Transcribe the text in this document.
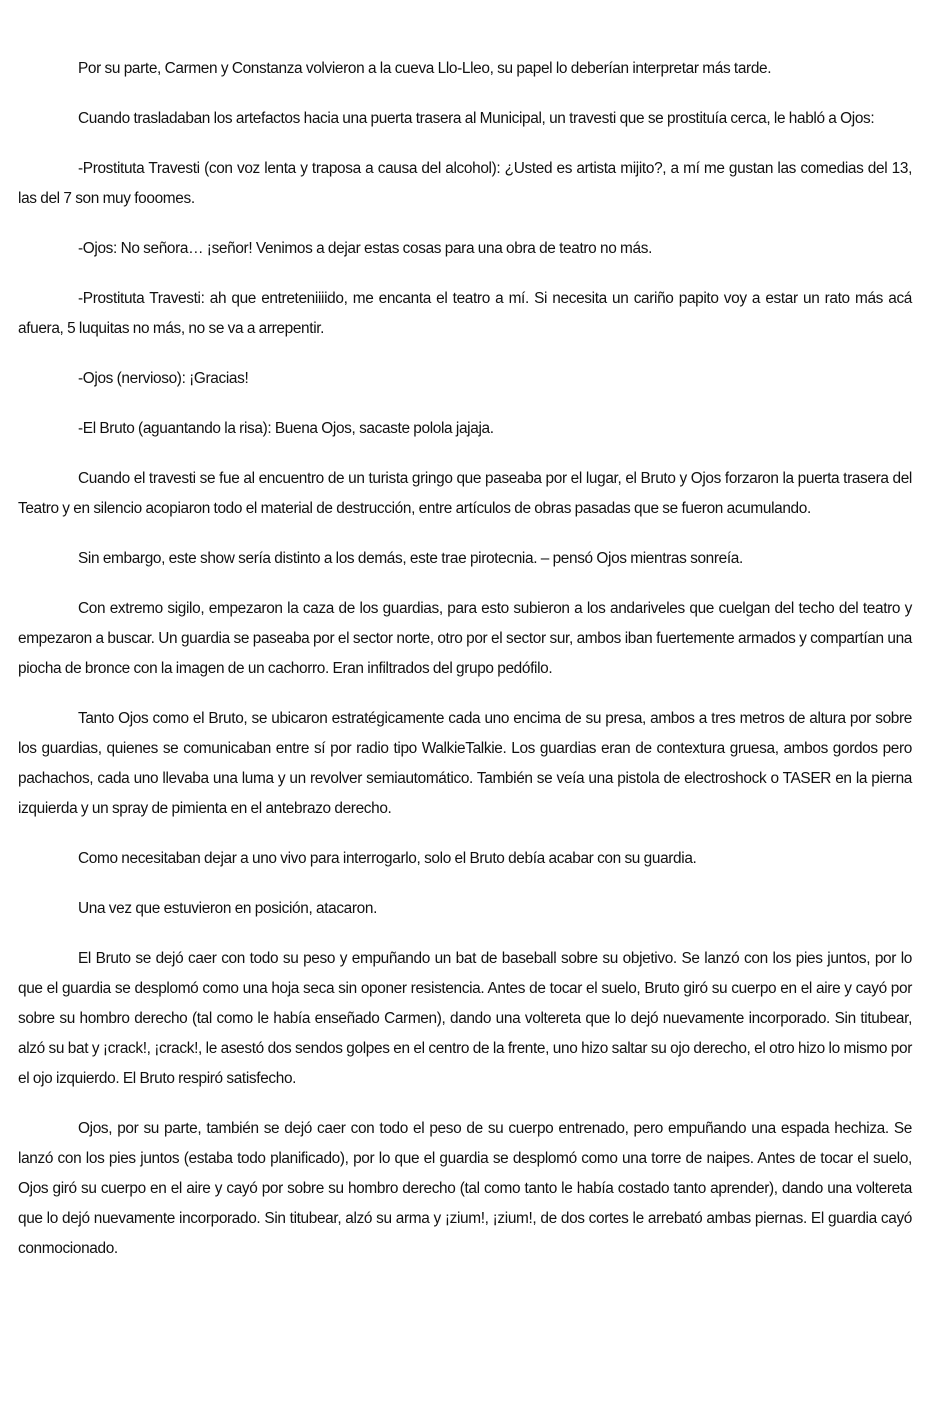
Por su parte, Carmen y Constanza volvieron a la cueva Llo-Lleo, su papel lo deberían interpretar más tarde.

Cuando trasladaban los artefactos hacia una puerta trasera al Municipal, un travesti que se prostituía cerca, le habló a Ojos:

-Prostituta Travesti (con voz lenta y traposa a causa del alcohol): ¿Usted es artista mijito?, a mí me gustan las comedias del 13, las del 7 son muy fooomes.

-Ojos: No señora… ¡señor! Venimos a dejar estas cosas para una obra de teatro no más.

-Prostituta Travesti: ah que entreteniiiido, me encanta el teatro a mí. Si necesita un cariño papito voy a estar un rato más acá afuera, 5 luquitas no más, no se va a arrepentir.

-Ojos (nervioso): ¡Gracias!

-El Bruto (aguantando la risa): Buena Ojos, sacaste polola jajaja.

Cuando el travesti se fue al encuentro de un turista gringo que paseaba por el lugar, el Bruto y Ojos forzaron la puerta trasera del Teatro y en silencio acopiaron todo el material de destrucción, entre artículos de obras pasadas que se fueron acumulando.

Sin embargo, este show sería distinto a los demás, este trae pirotecnia. – pensó Ojos mientras sonreía.

Con extremo sigilo, empezaron la caza de los guardias, para esto subieron a los andariveles que cuelgan del techo del teatro y empezaron a buscar. Un guardia se paseaba por el sector norte, otro por el sector sur, ambos iban fuertemente armados y compartían una piocha de bronce con la imagen de un cachorro. Eran infiltrados del grupo pedófilo.

Tanto Ojos como el Bruto, se ubicaron estratégicamente cada uno encima de su presa, ambos a tres metros de altura por sobre los guardias, quienes se comunicaban entre sí por radio tipo WalkieTalkie. Los guardias eran de contextura gruesa, ambos gordos pero pachachos, cada uno llevaba una luma y un revolver semiautomático. También se veía una pistola de electroshock o TASER en la pierna izquierda y un spray de pimienta en el antebrazo derecho.

Como necesitaban dejar a uno vivo para interrogarlo, solo el Bruto debía acabar con su guardia.

Una vez que estuvieron en posición, atacaron.

El Bruto se dejó caer con todo su peso y empuñando un bat de baseball sobre su objetivo. Se lanzó con los pies juntos, por lo que el guardia se desplomó como una hoja seca sin oponer resistencia. Antes de tocar el suelo, Bruto giró su cuerpo en el aire y cayó por sobre su hombro derecho (tal como le había enseñado Carmen), dando una voltereta que lo dejó nuevamente incorporado. Sin titubear, alzó su bat y ¡crack!, ¡crack!, le asestó dos sendos golpes en el centro de la frente, uno hizo saltar su ojo derecho, el otro hizo lo mismo por el ojo izquierdo. El Bruto respiró satisfecho.

Ojos, por su parte, también se dejó caer con todo el peso de su cuerpo entrenado, pero empuñando una espada hechiza. Se lanzó con los pies juntos (estaba todo planificado), por lo que el guardia se desplomó como una torre de naipes. Antes de tocar el suelo, Ojos giró su cuerpo en el aire y cayó por sobre su hombro derecho (tal como tanto le había costado tanto aprender), dando una voltereta que lo dejó nuevamente incorporado. Sin titubear, alzó su arma y ¡zium!, ¡zium!, de dos cortes le arrebató ambas piernas. El guardia cayó conmocionado.
